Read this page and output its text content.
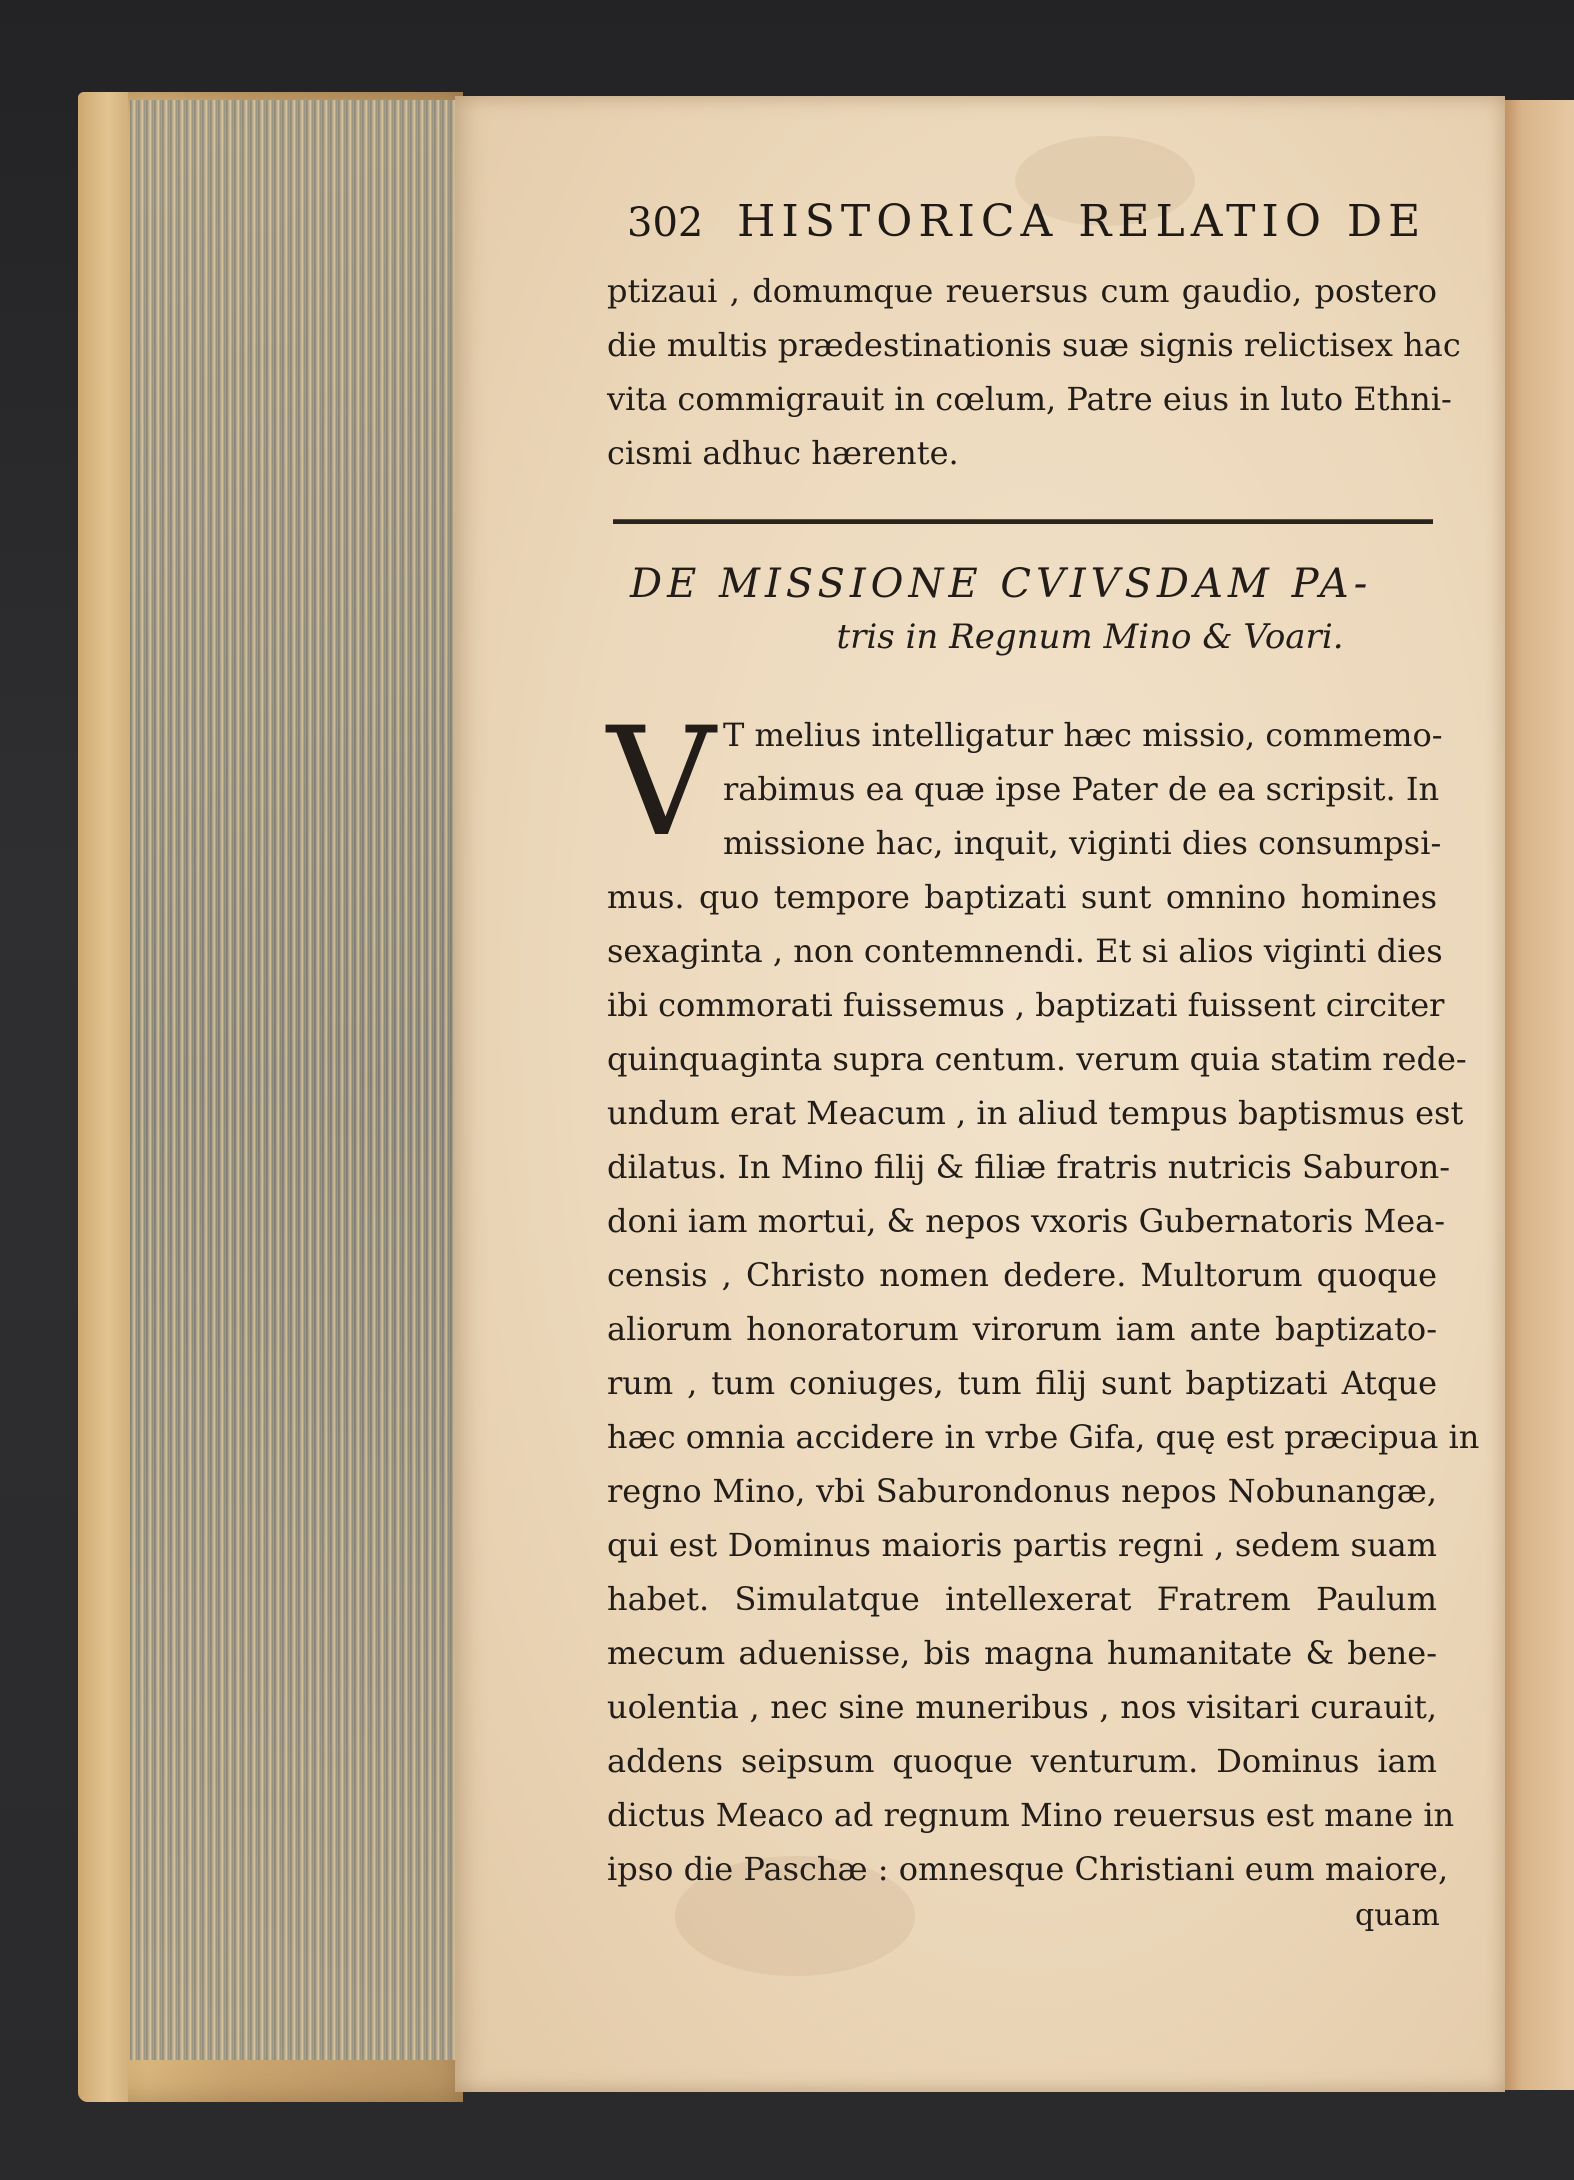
302 HISTORICA RELATIO DE
ptizaui , domumque reuersus cum gaudio, postero
die multis prædestinationis suæ signis relictisex hac
vita commigrauit in cœlum, Patre eius in luto Ethni-
cismi adhuc hærente.
DE MISSIONE CVIVSDAM PA-
tris in Regnum Mino & Voari.
V T melius intelligatur hæc missio, commemo-
rabimus ea quæ ipse Pater de ea scripsit. In
missione hac, inquit, viginti dies consumpsi-
mus. quo tempore baptizati sunt omnino homines
sexaginta , non contemnendi. Et si alios viginti dies
ibi commorati fuissemus , baptizati fuissent circiter
quinquaginta supra centum. verum quia statim rede-
undum erat Meacum , in aliud tempus baptismus est
dilatus. In Mino filij & filiæ fratris nutricis Saburon-
doni iam mortui, & nepos vxoris Gubernatoris Mea-
censis , Christo nomen dedere. Multorum quoque
aliorum honoratorum virorum iam ante baptizato-
rum , tum coniuges, tum filij sunt baptizati Atque
hæc omnia accidere in vrbe Gifa, quę est præcipua in
regno Mino, vbi Saburondonus nepos Nobunangæ,
qui est Dominus maioris partis regni , sedem suam
habet. Simulatque intellexerat Fratrem Paulum
mecum aduenisse, bis magna humanitate & bene-
uolentia , nec sine muneribus , nos visitari curauit,
addens seipsum quoque venturum. Dominus iam
dictus Meaco ad regnum Mino reuersus est mane in
ipso die Paschæ : omnesque Christiani eum maiore,
quam
